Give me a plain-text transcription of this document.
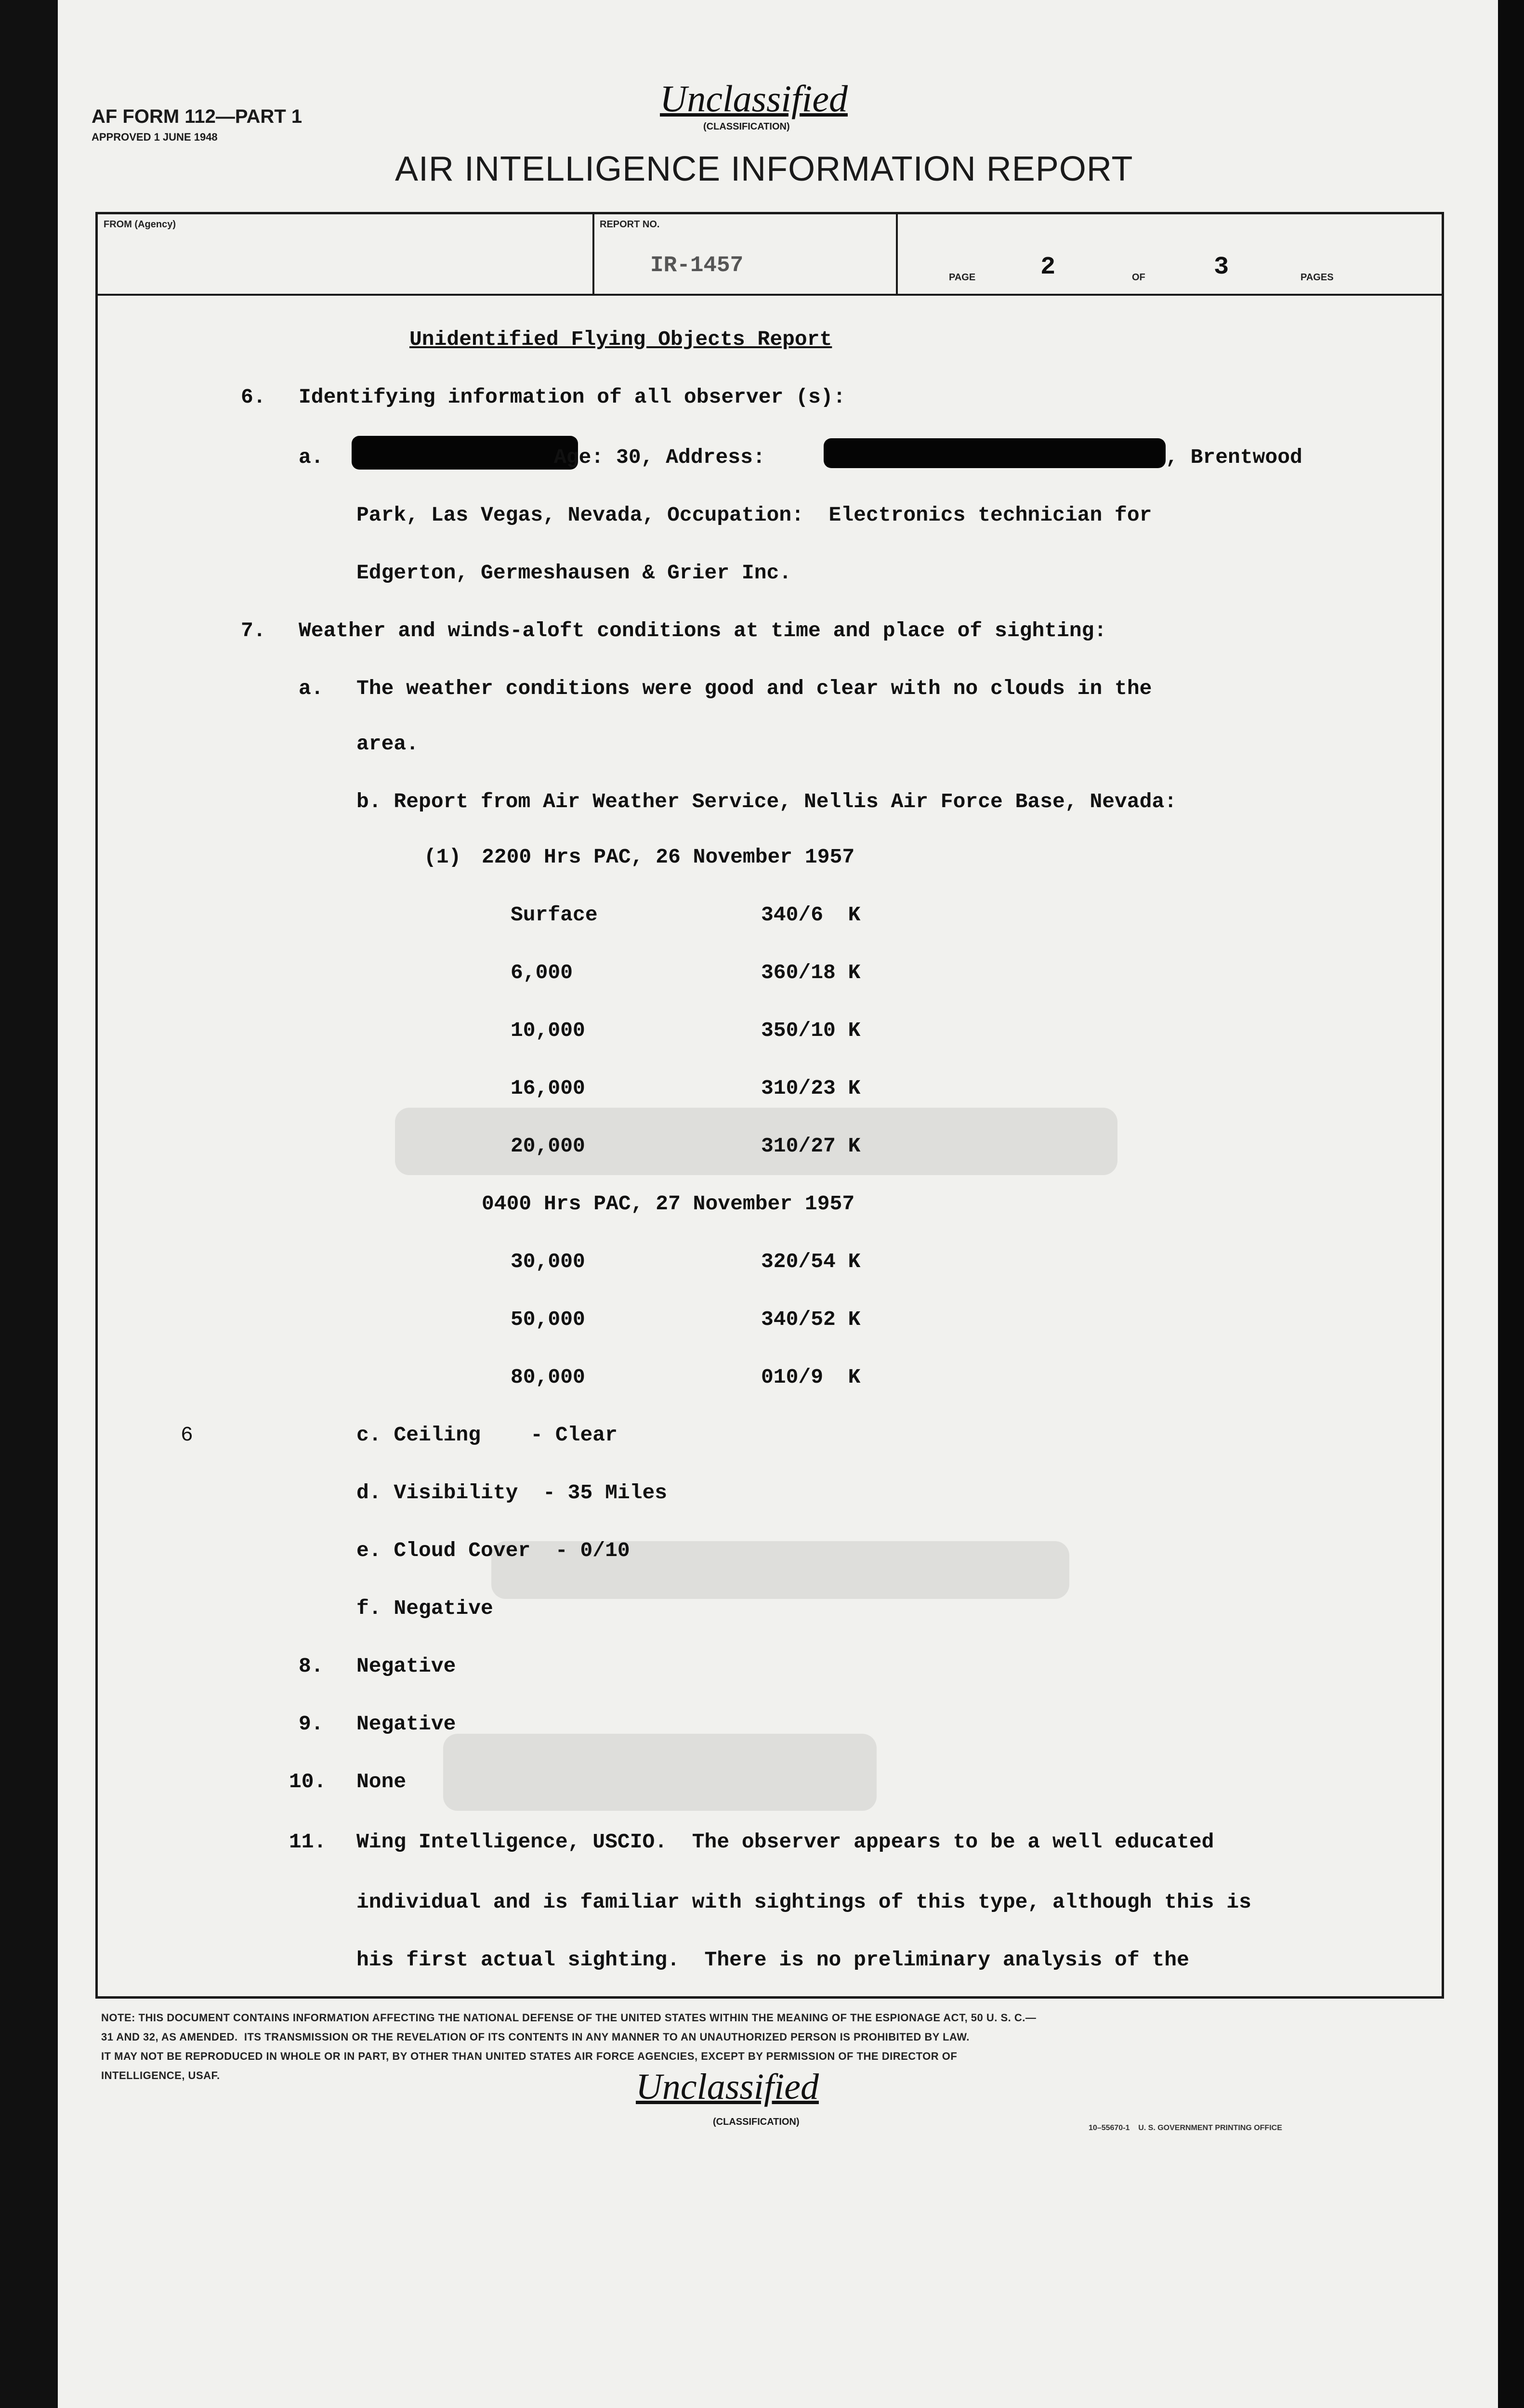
AF FORM 112—PART 1
APPROVED 1 JUNE 1948
Unclassified
(CLASSIFICATION)
AIR INTELLIGENCE INFORMATION REPORT
FROM (Agency)	REPORT NO.
IR-1457	PAGE	2	OF	3	PAGES
Unidentified Flying Objects Report
6. Identifying information of all observer (s):
a.	Age: 30, Address:	, Brentwood
Park, Las Vegas, Nevada, Occupation:  Electronics technician for
Edgerton, Germeshausen & Grier Inc.
7. Weather and winds-aloft conditions at time and place of sighting:
a. The weather conditions were good and clear with no clouds in the
area.
b. Report from Air Weather Service, Nellis Air Force Base, Nevada:
(1) 2200 Hrs PAC, 26 November 1957
0400 Hrs PAC, 27 November 1957
6	c. Ceiling    - Clear
d. Visibility  - 35 Miles
e. Cloud Cover  - 0/10
f. Negative
8. Negative
9. Negative
10. None
11. Wing Intelligence, USCIO.  The observer appears to be a well educated
individual and is familiar with sightings of this type, although this is
his first actual sighting.  There is no preliminary analysis of the
NOTE: THIS DOCUMENT CONTAINS INFORMATION AFFECTING THE NATIONAL DEFENSE OF THE UNITED STATES WITHIN THE MEANING OF THE ESPIONAGE ACT, 50 U. S. C.—
31 AND 32, AS AMENDED.  ITS TRANSMISSION OR THE REVELATION OF ITS CONTENTS IN ANY MANNER TO AN UNAUTHORIZED PERSON IS PROHIBITED BY LAW.
IT MAY NOT BE REPRODUCED IN WHOLE OR IN PART, BY OTHER THAN UNITED STATES AIR FORCE AGENCIES, EXCEPT BY PERMISSION OF THE DIRECTOR OF
INTELLIGENCE, USAF.	Unclassified
(CLASSIFICATION)
10–55670-1    U. S. GOVERNMENT PRINTING OFFICE
Surface	340/6  K
6,000	360/18 K
10,000	350/10 K
16,000	310/23 K
20,000	310/27 K
30,000	320/54 K
50,000	340/52 K
80,000	010/9  K
